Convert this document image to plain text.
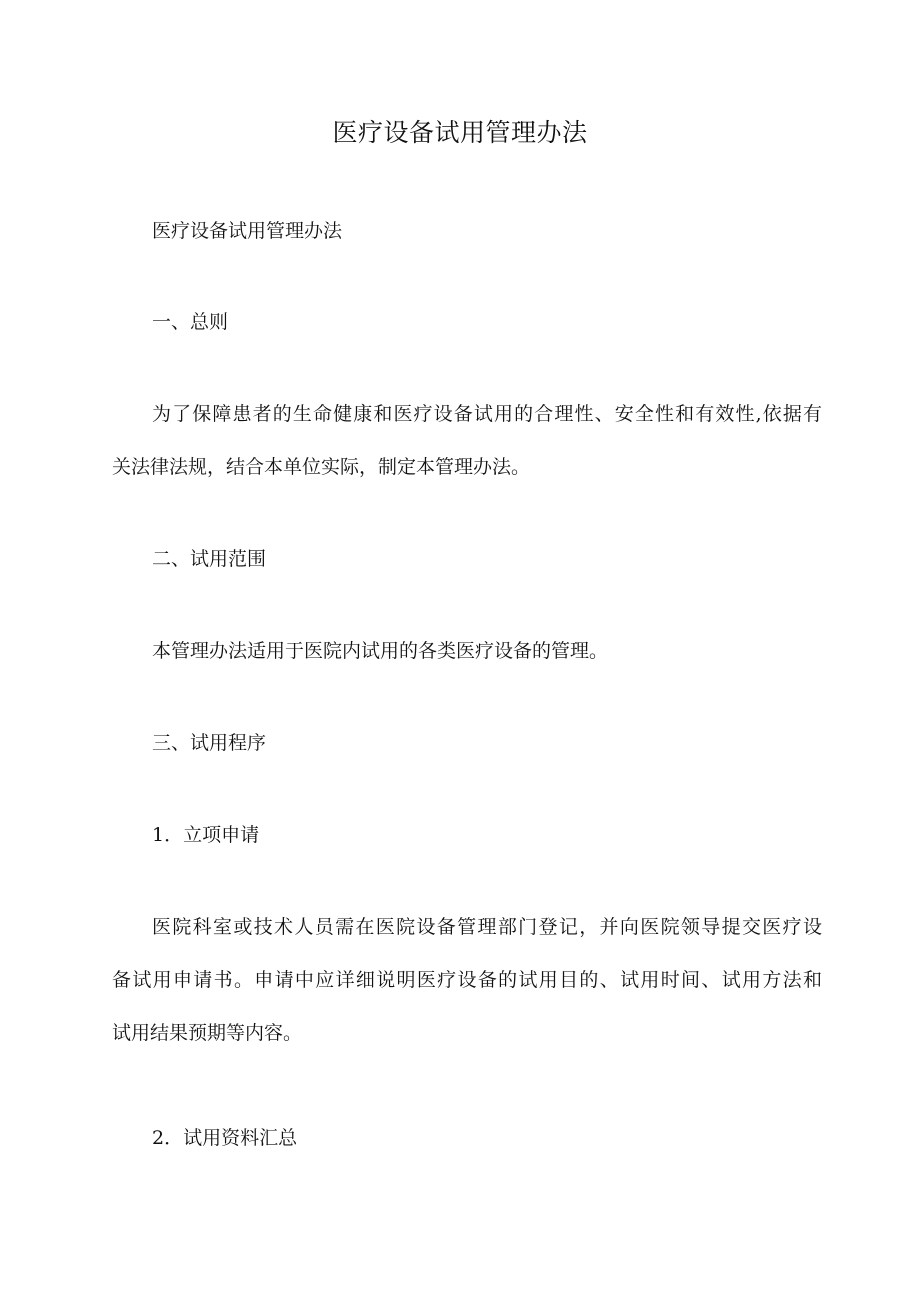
医疗设备试用管理办法
医疗设备试用管理办法
一、总则
为了保障患者的生命健康和医疗设备试用的合理性、安全性和有效性,依据有
关法律法规，结合本单位实际，制定本管理办法。
二、试用范围
本管理办法适用于医院内试用的各类医疗设备的管理。
三、试用程序
1．立项申请
医院科室或技术人员需在医院设备管理部门登记，并向医院领导提交医疗设
备试用申请书。申请中应详细说明医疗设备的试用目的、试用时间、试用方法和
试用结果预期等内容。
2．试用资料汇总
